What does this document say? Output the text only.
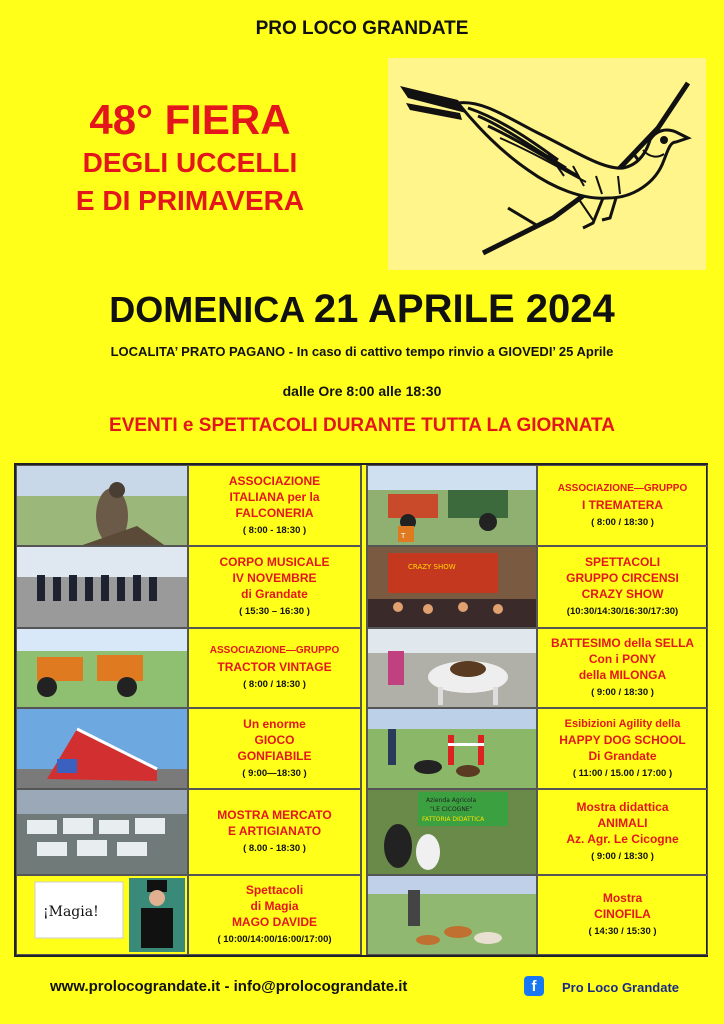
PRO LOCO GRANDATE
48° FIERA
DEGLI UCCELLI
E DI PRIMAVERA
DOMENICA 21 APRILE 2024
LOCALITA’ PRATO PAGANO - In caso di cattivo tempo rinvio a GIOVEDI’ 25 Aprile
dalle Ore 8:00 alle 18:30
EVENTI e SPETTACOLI DURANTE TUTTA LA GIORNATA
ASSOCIAZIONE
ITALIANA per la
FALCONERIA
( 8:00 - 18:30 )
T
ASSOCIAZIONE—GRUPPO
I TREMATERA
( 8:00 / 18:30 )
CORPO MUSICALE
IV NOVEMBRE
di Grandate
( 15:30 – 16:30 )
CRAZY SHOW	SPETTACOLI
GRUPPO CIRCENSI
CRAZY SHOW
(10:30/14:30/16:30/17:30)
ASSOCIAZIONE—GRUPPO
TRACTOR VINTAGE
( 8:00 / 18:30 )
BATTESIMO della SELLA
Con i PONY
della MILONGA
( 9:00 / 18:30 )
Un enorme
GIOCO
GONFIABILE
( 9:00—18:30 )
Esibizioni Agility della
HAPPY DOG SCHOOL
Di Grandate
( 11:00 / 15.00 / 17:00 )
MOSTRA MERCATO
E ARTIGIANATO
( 8.00 - 18:30 )
Azienda Agricola
"LE CICOGNE"
FATTORIA DIDATTICA
Mostra didattica
ANIMALI
Az. Agr. Le Cicogne
( 9:00 / 18:30 )
¡Magia!
Spettacoli
di Magia
MAGO DAVIDE
( 10:00/14:00/16:00/17:00)
Mostra
CINOFILA
( 14:30 / 15:30 )
www.prolocograndate.it - info@prolocograndate.it	f	Pro Loco Grandate
